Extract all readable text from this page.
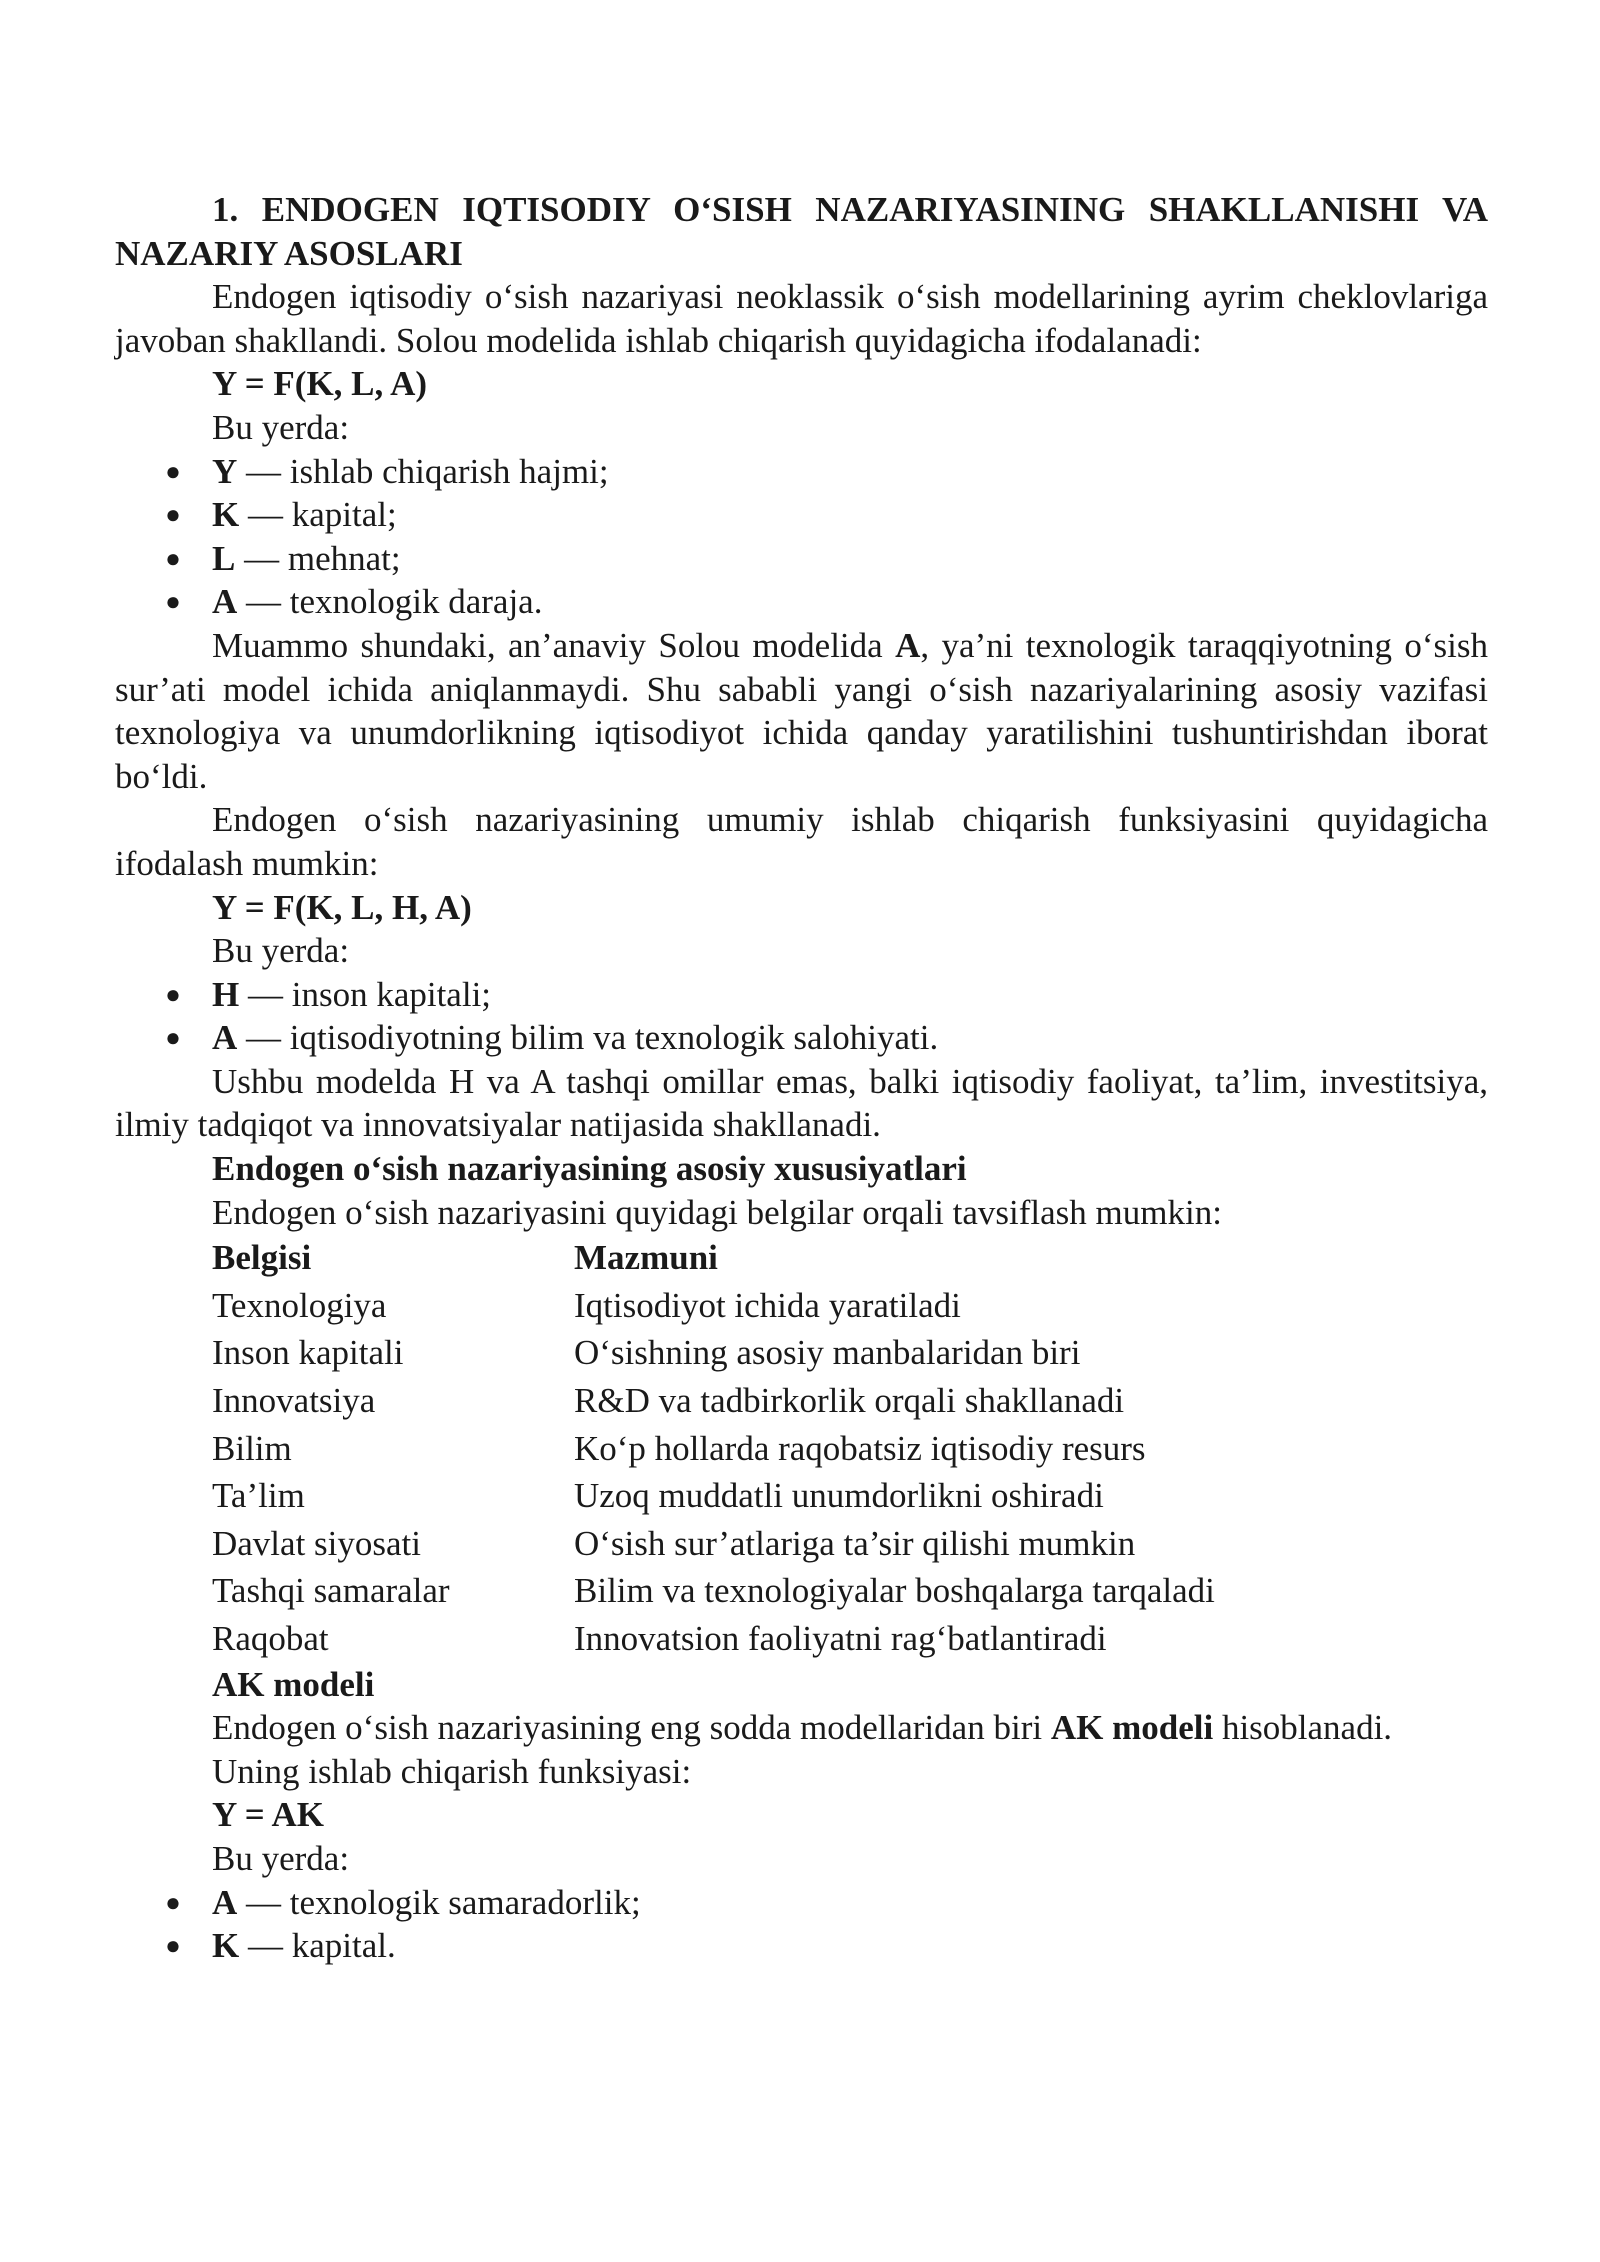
1. ENDOGEN IQTISODIY O‘SISH NAZARIYASINING SHAKLLANISHI VA NAZARIY ASOSLARI

Endogen iqtisodiy o‘sish nazariyasi neoklassik o‘sish modellarining ayrim cheklovlariga javoban shakllandi. Solou modelida ishlab chiqarish quyidagicha ifodalanadi:

Y = F(K, L, A)

Bu yerda:

● Y — ishlab chiqarish hajmi;
● K — kapital;
● L — mehnat;
● A — texnologik daraja.

Muammo shundaki, an’anaviy Solou modelida A, ya’ni texnologik taraqqiyotning o‘sish sur’ati model ichida aniqlanmaydi. Shu sababli yangi o‘sish nazariyalarining asosiy vazifasi texnologiya va unumdorlikning iqtisodiyot ichida qanday yaratilishini tushuntirishdan iborat bo‘ldi.

Endogen o‘sish nazariyasining umumiy ishlab chiqarish funksiyasini quyidagicha ifodalash mumkin:

Y = F(K, L, H, A)

Bu yerda:

● H — inson kapitali;
● A — iqtisodiyotning bilim va texnologik salohiyati.

Ushbu modelda H va A tashqi omillar emas, balki iqtisodiy faoliyat, ta’lim, investitsiya, ilmiy tadqiqot va innovatsiyalar natijasida shakllanadi.

Endogen o‘sish nazariyasining asosiy xususiyatlari

Endogen o‘sish nazariyasini quyidagi belgilar orqali tavsiflash mumkin:

Belgisi	Mazmuni
Texnologiya	Iqtisodiyot ichida yaratiladi
Inson kapitali	O‘sishning asosiy manbalaridan biri
Innovatsiya	R&D va tadbirkorlik orqali shakllanadi
Bilim	Ko‘p hollarda raqobatsiz iqtisodiy resurs
Ta’lim	Uzoq muddatli unumdorlikni oshiradi
Davlat siyosati	O‘sish sur’atlariga ta’sir qilishi mumkin
Tashqi samaralar	Bilim va texnologiyalar boshqalarga tarqaladi
Raqobat	Innovatsion faoliyatni rag‘batlantiradi

AK modeli

Endogen o‘sish nazariyasining eng sodda modellaridan biri AK modeli hisoblanadi.

Uning ishlab chiqarish funksiyasi:

Y = AK

Bu yerda:

● A — texnologik samaradorlik;
● K — kapital.
